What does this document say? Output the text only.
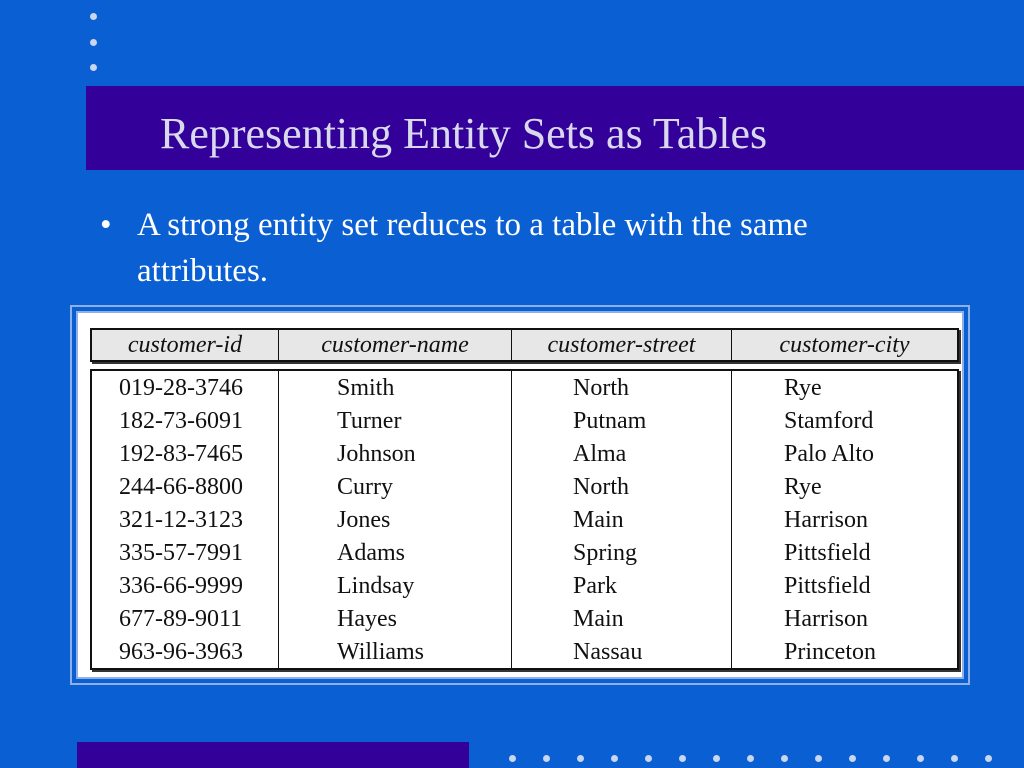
Representing Entity Sets as Tables
• A strong entity set reduces to a table with the same attributes.
customer-id	customer-name	customer-street	customer-city
019-28-3746	Smith	North	Rye
182-73-6091	Turner	Putnam	Stamford
192-83-7465	Johnson	Alma	Palo Alto
244-66-8800	Curry	North	Rye
321-12-3123	Jones	Main	Harrison
335-57-7991	Adams	Spring	Pittsfield
336-66-9999	Lindsay	Park	Pittsfield
677-89-9011	Hayes	Main	Harrison
963-96-3963	Williams	Nassau	Princeton
